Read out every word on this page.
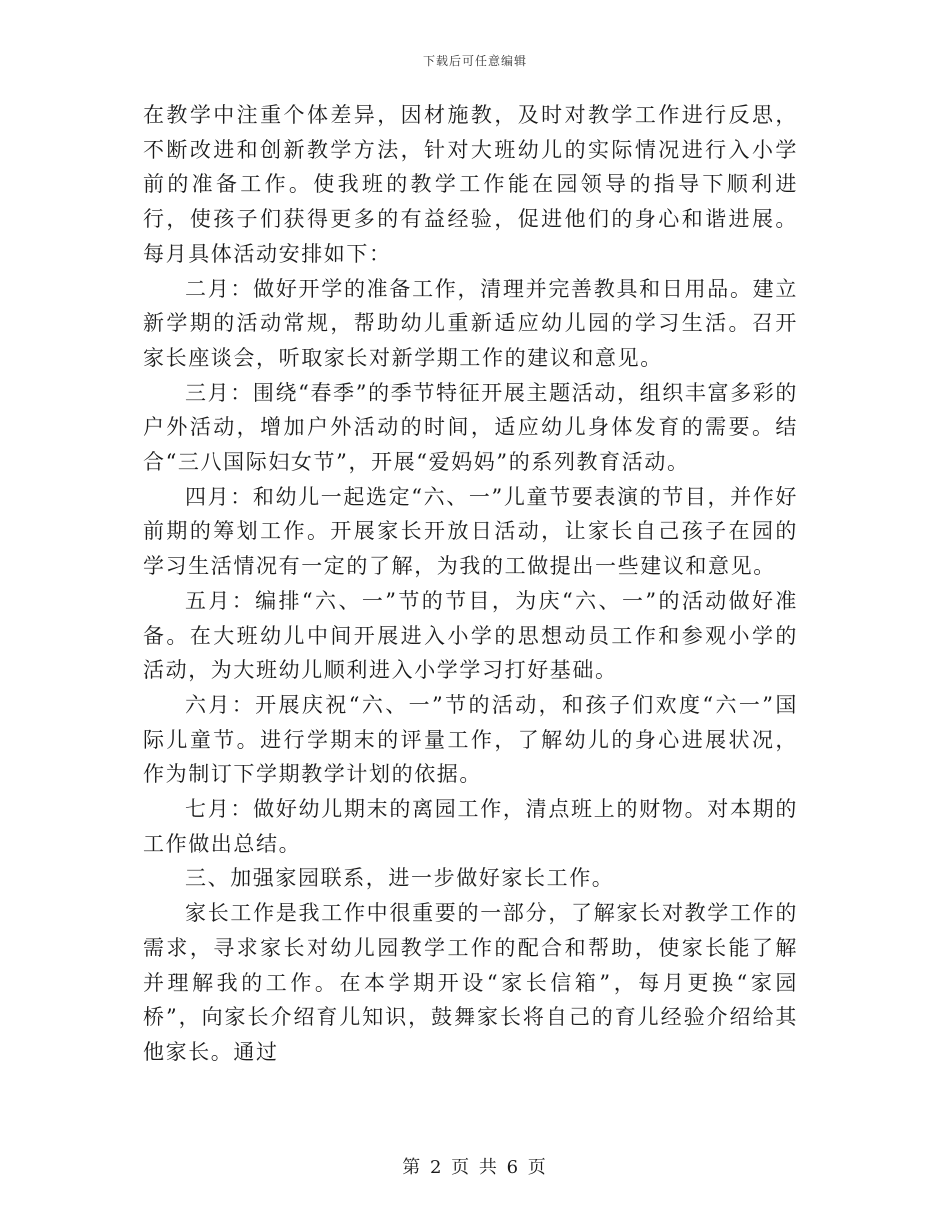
下载后可任意编辑

在教学中注重个体差异，因材施教，及时对教学工作进行反思，不断改进和创新教学方法，针对大班幼儿的实际情况进行入小学前的准备工作。使我班的教学工作能在园领导的指导下顺利进行，使孩子们获得更多的有益经验，促进他们的身心和谐进展。每月具体活动安排如下：

二月：做好开学的准备工作，清理并完善教具和日用品。建立新学期的活动常规，帮助幼儿重新适应幼儿园的学习生活。召开家长座谈会，听取家长对新学期工作的建议和意见。

三月：围绕“春季”的季节特征开展主题活动，组织丰富多彩的户外活动，增加户外活动的时间，适应幼儿身体发育的需要。结合“三八国际妇女节”，开展“爱妈妈”的系列教育活动。

四月：和幼儿一起选定“六、一”儿童节要表演的节目，并作好前期的筹划工作。开展家长开放日活动，让家长自己孩子在园的学习生活情况有一定的了解，为我的工做提出一些建议和意见。

五月：编排“六、一”节的节目，为庆“六、一”的活动做好准备。在大班幼儿中间开展进入小学的思想动员工作和参观小学的活动，为大班幼儿顺利进入小学学习打好基础。

六月：开展庆祝“六、一”节的活动，和孩子们欢度“六一”国际儿童节。进行学期末的评量工作，了解幼儿的身心进展状况，作为制订下学期教学计划的依据。

七月：做好幼儿期末的离园工作，清点班上的财物。对本期的工作做出总结。

三、加强家园联系，进一步做好家长工作。

家长工作是我工作中很重要的一部分，了解家长对教学工作的需求，寻求家长对幼儿园教学工作的配合和帮助，使家长能了解并理解我的工作。在本学期开设“家长信箱”，每月更换“家园桥”，向家长介绍育儿知识，鼓舞家长将自己的育儿经验介绍给其他家长。通过

第 2 页 共 6 页
